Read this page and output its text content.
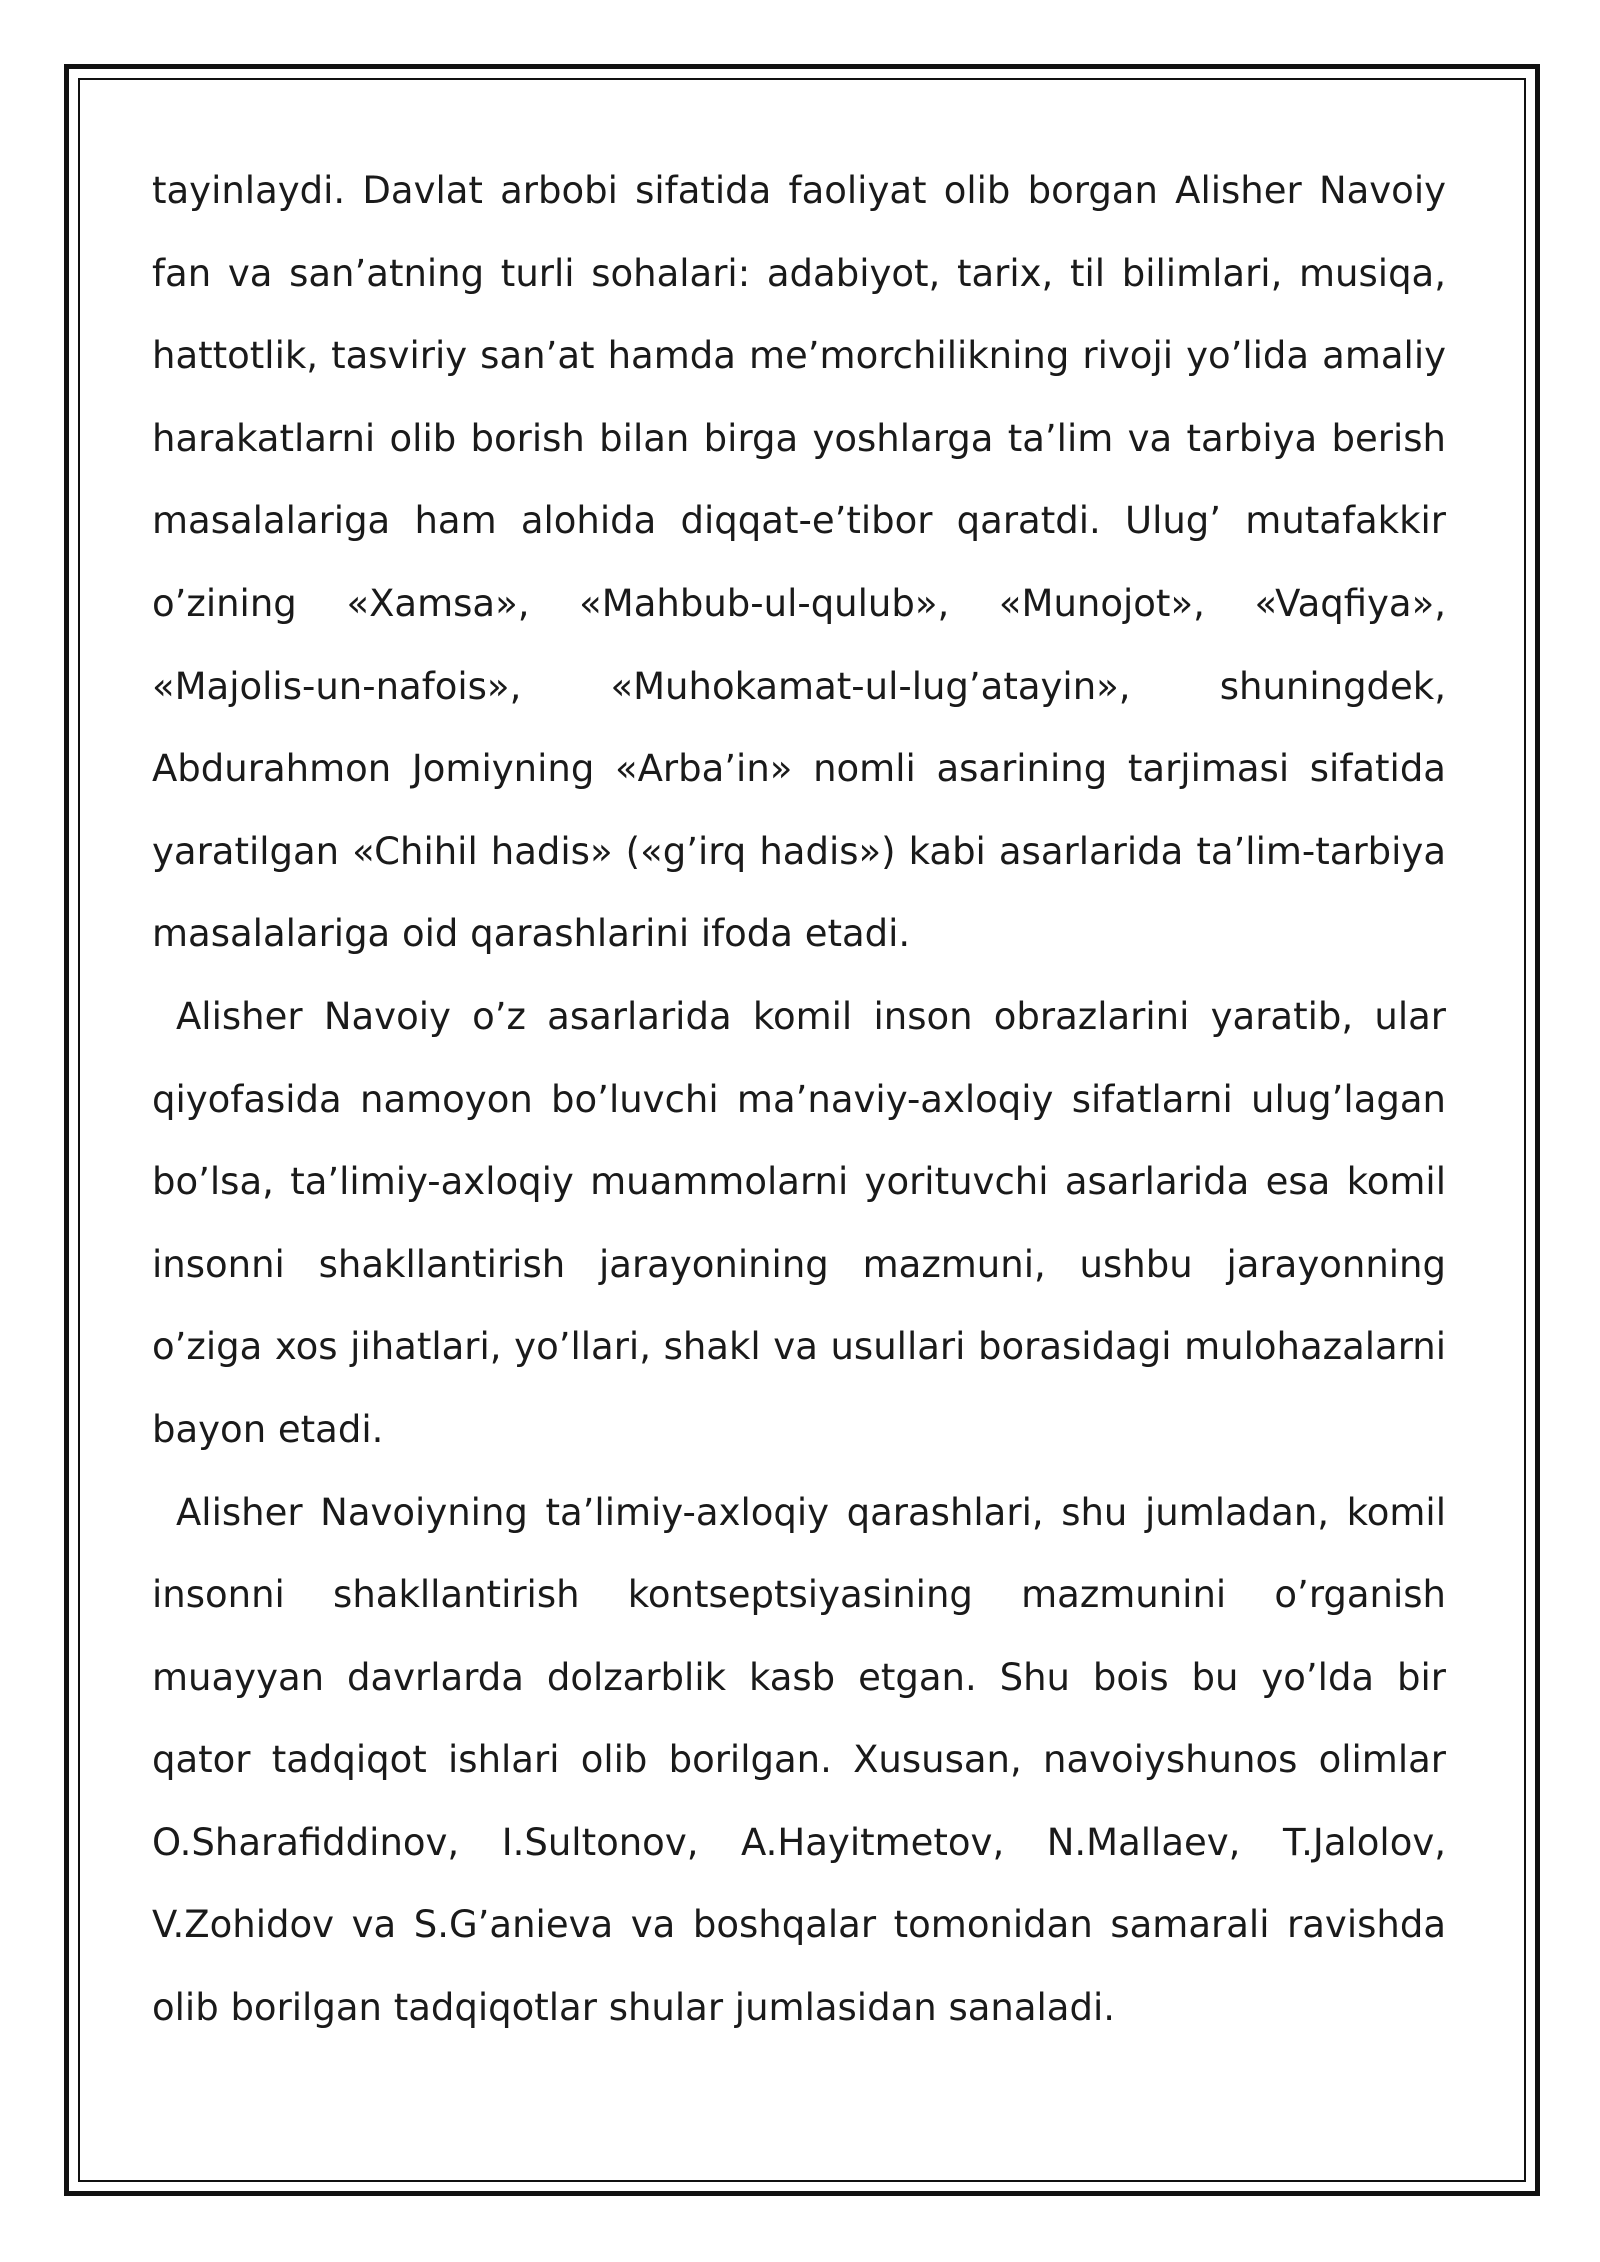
tayinlaydi. Davlat arbobi sifatida faoliyat olib borgan Alisher Navoiy fan va san’atning turli sohalari: adabiyot, tarix, til bilimlari, musiqa, hattotlik, tasviriy san’at hamda me’morchilikning rivoji yo’lida amaliy harakatlarni olib borish bilan birga yoshlarga ta’lim va tarbiya berish masalalariga ham alohida diqqat-e’tibor qaratdi. Ulug’ mutafakkir o’zining «Xamsa», «Mahbub-ul-qulub», «Munojot», «Vaqfiya», «Majolis-un-nafois», «Muhokamat-ul-lug’atayin», shuningdek, Abdurahmon Jomiyning «Arba’in» nomli asarining tarjimasi sifatida yaratilgan «Chihil hadis» («g’irq hadis») kabi asarlarida ta’lim-tarbiya masalalariga oid qarashlarini ifoda etadi.

Alisher Navoiy o’z asarlarida komil inson obrazlarini yaratib, ular qiyofasida namoyon bo’luvchi ma’naviy-axloqiy sifatlarni ulug’lagan bo’lsa, ta’limiy-axloqiy muammolarni yorituvchi asarlarida esa komil insonni shakllantirish jarayonining mazmuni, ushbu jarayonning o’ziga xos jihatlari, yo’llari, shakl va usullari borasidagi mulohazalarni bayon etadi.

Alisher Navoiyning ta’limiy-axloqiy qarashlari, shu jumladan, komil insonni shakllantirish kontseptsiyasining mazmunini o’rganish muayyan davrlarda dolzarblik kasb etgan. Shu bois bu yo’lda bir qator tadqiqot ishlari olib borilgan. Xususan, navoiyshunos olimlar O.Sharafiddinov, I.Sultonov, A.Hayitmetov, N.Mallaev, T.Jalolov, V.Zohidov va S.G’anieva va boshqalar tomonidan samarali ravishda olib borilgan tadqiqotlar shular jumlasidan sanaladi.
